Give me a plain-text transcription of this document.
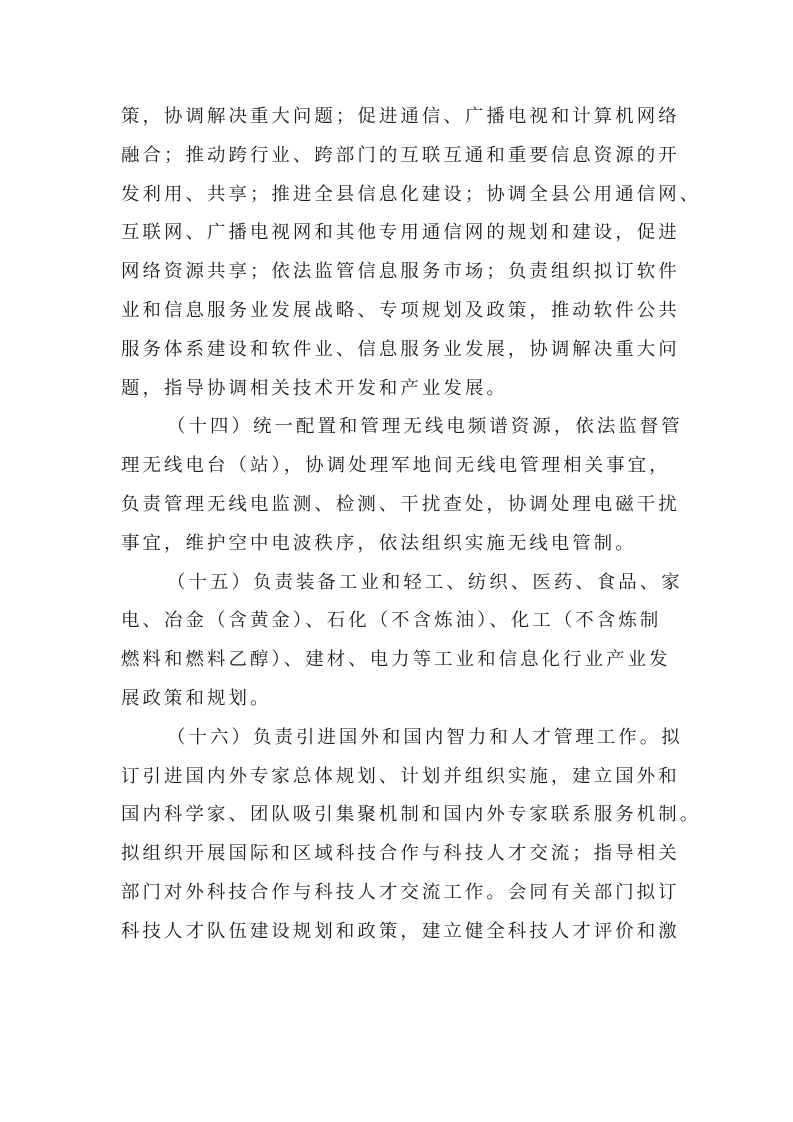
策，协调解决重大问题；促进通信、广播电视和计算机网络
融合；推动跨行业、跨部门的互联互通和重要信息资源的开
发利用、共享；推进全县信息化建设；协调全县公用通信网、
互联网、广播电视网和其他专用通信网的规划和建设，促进
网络资源共享；依法监管信息服务市场；负责组织拟订软件
业和信息服务业发展战略、专项规划及政策，推动软件公共
服务体系建设和软件业、信息服务业发展，协调解决重大问
题，指导协调相关技术开发和产业发展。
（十四）统一配置和管理无线电频谱资源，依法监督管
理无线电台（站），协调处理军地间无线电管理相关事宜，
负责管理无线电监测、检测、干扰查处，协调处理电磁干扰
事宜，维护空中电波秩序，依法组织实施无线电管制。
（十五）负责装备工业和轻工、纺织、医药、食品、家
电、冶金（含黄金）、石化（不含炼油）、化工（不含炼制
燃料和燃料乙醇）、建材、电力等工业和信息化行业产业发
展政策和规划。
（十六）负责引进国外和国内智力和人才管理工作。拟
订引进国内外专家总体规划、计划并组织实施，建立国外和
国内科学家、团队吸引集聚机制和国内外专家联系服务机制。
拟组织开展国际和区域科技合作与科技人才交流；指导相关
部门对外科技合作与科技人才交流工作。会同有关部门拟订
科技人才队伍建设规划和政策，建立健全科技人才评价和激
